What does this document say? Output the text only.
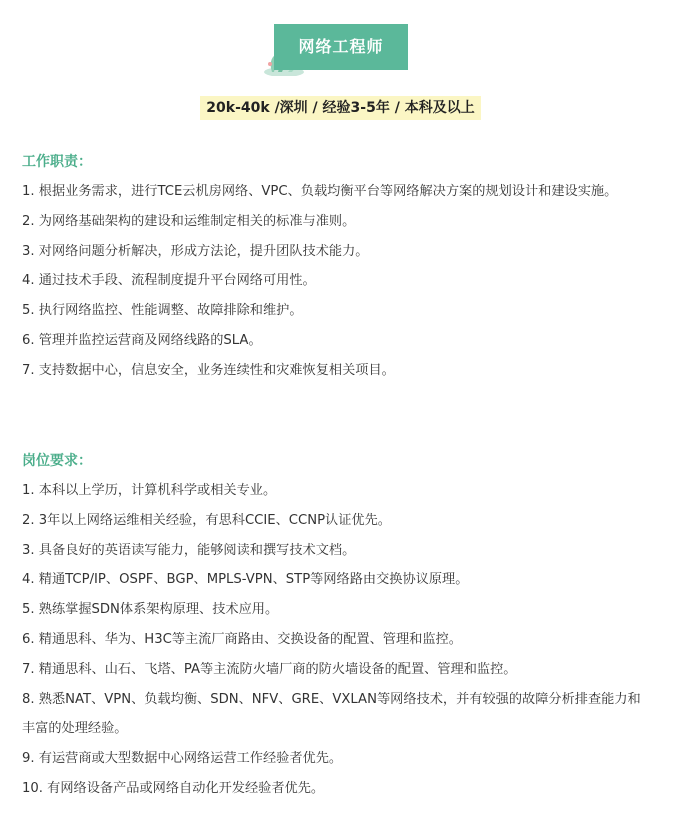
网络工程师
20k-40k /深圳 / 经验3-5年 / 本科及以上
工作职责：
1. 根据业务需求，进行TCE云机房网络、VPC、负载均衡平台等网络解决方案的规划设计和建设实施。
2. 为网络基础架构的建设和运维制定相关的标准与准则。
3. 对网络问题分析解决，形成方法论，提升团队技术能力。
4. 通过技术手段、流程制度提升平台网络可用性。
5. 执行网络监控、性能调整、故障排除和维护。
6. 管理并监控运营商及网络线路的SLA。
7. 支持数据中心，信息安全，业务连续性和灾难恢复相关项目。
岗位要求：
1. 本科以上学历，计算机科学或相关专业。
2. 3年以上网络运维相关经验，有思科CCIE、CCNP认证优先。
3. 具备良好的英语读写能力，能够阅读和撰写技术文档。
4. 精通TCP/IP、OSPF、BGP、MPLS-VPN、STP等网络路由交换协议原理。
5. 熟练掌握SDN体系架构原理、技术应用。
6. 精通思科、华为、H3C等主流厂商路由、交换设备的配置、管理和监控。
7. 精通思科、山石、飞塔、PA等主流防火墙厂商的防火墙设备的配置、管理和监控。
8. 熟悉NAT、VPN、负载均衡、SDN、NFV、GRE、VXLAN等网络技术，并有较强的故障分析排查能力和丰富的处理经验。
9. 有运营商或大型数据中心网络运营工作经验者优先。
10. 有网络设备产品或网络自动化开发经验者优先。
